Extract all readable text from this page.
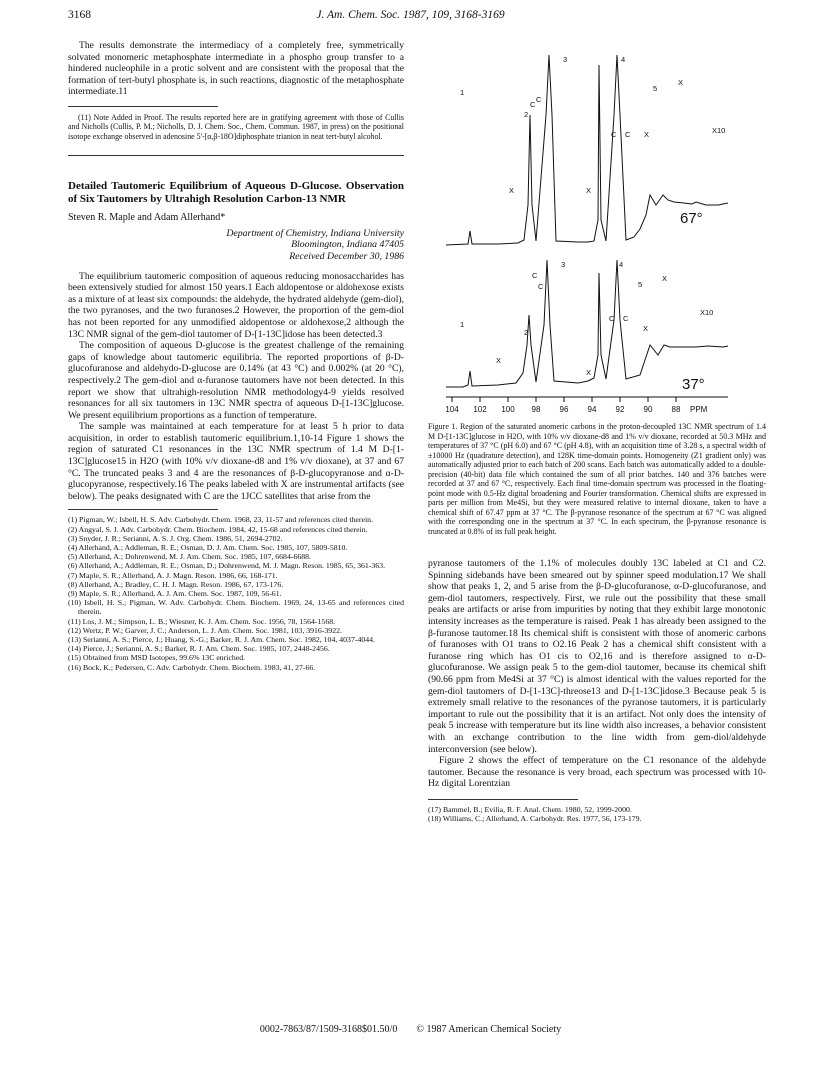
3168	J. Am. Chem. Soc. 1987, 109, 3168-3169

The results demonstrate the intermediacy of a completely free, symmetrically solvated monomeric metaphosphate intermediate in a phospho group transfer to a hindered nucleophile in a protic solvent and are consistent with the proposal that the formation of tert-butyl phosphate is, in such reactions, diagnostic of the metaphosphate intermediate.11

(11) Note Added in Proof. The results reported here are in gratifying agreement with those of Cullis and Nicholls (Cullis, P. M.; Nicholls, D. J. Chem. Soc., Chem. Commun. 1987, in press) on the positional isotope exchange observed in adenosine 5'-[α,β-18O]diphosphate trianion in neat tert-butyl alcohol.

Detailed Tautomeric Equilibrium of Aqueous D-Glucose. Observation of Six Tautomers by Ultrahigh Resolution Carbon-13 NMR
Steven R. Maple and Adam Allerhand*
Department of Chemistry, Indiana University
Bloomington, Indiana 47405
Received December 30, 1986

The equilibrium tautomeric composition of aqueous reducing monosaccharides has been extensively studied for almost 150 years.1 Each aldopentose or aldohexose exists as a mixture of at least six compounds: the aldehyde, the hydrated aldehyde (gem-diol), the two pyranoses, and the two furanoses.2 However, the proportion of the gem-diol has not been reported for any unmodified aldopentose or aldohexose,2 although the 13C NMR signal of the gem-diol tautomer of D-[1-13C]idose has been detected.3

The composition of aqueous D-glucose is the greatest challenge of the remaining gaps of knowledge about tautomeric equilibria. The reported proportions of β-D-glucofuranose and aldehydo-D-glucose are 0.14% (at 43 °C) and 0.002% (at 20 °C), respectively.2 The gem-diol and α-furanose tautomers have not been detected. In this report we show that ultrahigh-resolution NMR methodology4-9 yields resolved resonances for all six tautomers in 13C NMR spectra of aqueous D-[1-13C]glucose. We present equilibrium proportions as a function of temperature.

The sample was maintained at each temperature for at least 5 h prior to data acquisition, in order to establish tautomeric equilibrium.1,10-14 Figure 1 shows the region of saturated C1 resonances in the 13C NMR spectrum of 1.4 M D-[1-13C]glucose15 in H2O (with 10% v/v dioxane-d8 and 1% v/v dioxane), at 37 and 67 °C. The truncated peaks 3 and 4 are the resonances of β-D-glucopyranose and α-D-glucopyranose, respectively.16 The peaks labeled with X are instrumental artifacts (see below). The peaks designated with C are the 1JCC satellites that arise from the

(1) Pigman, W.; Isbell, H. S. Adv. Carbohydr. Chem. 1968, 23, 11-57 and references cited therein.
(2) Angyal, S. J. Adv. Carbohydr. Chem. Biochem. 1984, 42, 15-68 and references cited therein.
(3) Snyder, J. R.; Serianni, A. S. J. Org. Chem. 1986, 51, 2694-2702.
(4) Allerhand, A.; Addleman, R. E.; Osman, D. J. Am. Chem. Soc. 1985, 107, 5809-5810.
(5) Allerhand, A.; Dohrenwend, M. J. Am. Chem. Soc. 1985, 107, 6684-6688.
(6) Allerhand, A.; Addleman, R. E.; Osman, D.; Dohrenwend, M. J. Magn. Reson. 1985, 65, 361-363.
(7) Maple, S. R.; Allerhand, A. J. Magn. Reson. 1986, 66, 168-171.
(8) Allerhand, A.; Bradley, C. H. J. Magn. Reson. 1986, 67, 173-176.
(9) Maple, S. R.; Allerhand, A. J. Am. Chem. Soc. 1987, 109, 56-61.
(10) Isbell, H. S.; Pigman, W. Adv. Carbohydr. Chem. Biochem. 1969, 24, 13-65 and references cited therein.
(11) Los, J. M.; Simpson, L. B.; Wiesner, K. J. Am. Chem. Soc. 1956, 78, 1564-1568.
(12) Wertz, P. W.; Garver, J. C.; Anderson, L. J. Am. Chem. Soc. 1981, 103, 3916-3922.
(13) Serianni, A. S.; Pierce, J.; Huang, S.-G.; Barker, R. J. Am. Chem. Soc. 1982, 104, 4037-4044.
(14) Pierce, J.; Serianni, A. S.; Barker, R. J. Am. Chem. Soc. 1985, 107, 2448-2456.
(15) Obtained from MSD Isotopes, 99.6% 13C enriched.
(16) Bock, K.; Pedersen, C. Adv. Carbohydr. Chem. Biochem. 1983, 41, 27-66.
104 102 100 98 96 94 92 90 88 PPM
1
2
C
C
3	4
5
X
C C X
X	X
X10
67°
1
2
C
C
3	4
5
X
C C
X
X
X
X10
37°
Figure 1. Region of the saturated anomeric carbons in the proton-decoupled 13C NMR spectrum of 1.4 M D-[1-13C]glucose in H2O, with 10% v/v dioxane-d8 and 1% v/v dioxane, recorded at 50.3 MHz and temperatures of 37 °C (pH 6.0) and 67 °C (pH 4.8), with an acquisition time of 3.28 s, a spectral width of ±10000 Hz (quadrature detection), and 128K time-domain points. Homogeneity (Z1 gradient only) was automatically adjusted prior to each batch of 200 scans. Each batch was automatically added to a double-precision (40-bit) data file which contained the sum of all prior batches. 140 and 376 batches were recorded at 37 and 67 °C, respectively. Each final time-domain spectrum was processed in the floating-point mode with 0.5-Hz digital broadening and Fourier transformation. Chemical shifts are expressed in parts per million from Me4Si, but they were measured relative to internal dioxane, taken to have a chemical shift of 67.47 ppm at 37 °C. The β-pyranose resonance of the spectrum at 67 °C was aligned with the corresponding one in the spectrum at 37 °C. In each spectrum, the β-pyranose resonance is truncated at 0.8% of its full peak height.

pyranose tautomers of the 1.1% of molecules doubly 13C labeled at C1 and C2. Spinning sidebands have been smeared out by spinner speed modulation.17 We shall show that peaks 1, 2, and 5 arise from the β-D-glucofuranose, α-D-glucofuranose, and gem-diol tautomers, respectively. First, we rule out the possibility that these small peaks are artifacts or arise from impurities by noting that they exhibit large monotonic intensity increases as the temperature is raised. Peak 1 has already been assigned to the β-furanose tautomer.18 Its chemical shift is consistent with those of anomeric carbons of furanoses with O1 trans to O2.16 Peak 2 has a chemical shift consistent with a furanose ring which has O1 cis to O2,16 and is therefore assigned to α-D-glucofuranose. We assign peak 5 to the gem-diol tautomer, because its chemical shift (90.66 ppm from Me4Si at 37 °C) is almost identical with the values reported for the gem-diol tautomers of D-[1-13C]-threose13 and D-[1-13C]idose.3 Because peak 5 is extremely small relative to the resonances of the pyranose tautomers, it is particularly important to rule out the possibility that it is an artifact. Not only does the intensity of peak 5 increase with temperature but its line width also increases, a behavior consistent with an exchange contribution to the line width from gem-diol/aldehyde interconversion (see below).

Figure 2 shows the effect of temperature on the C1 resonance of the aldehyde tautomer. Because the resonance is very broad, each spectrum was processed with 10-Hz digital Lorentzian

(17) Bammel, B.; Evilia, R. F. Anal. Chem. 1980, 52, 1999-2000.
(18) Williams, C.; Allerhand, A. Carbohydr. Res. 1977, 56, 173-179.
0002-7863/87/1509-3168$01.50/0 © 1987 American Chemical Society
